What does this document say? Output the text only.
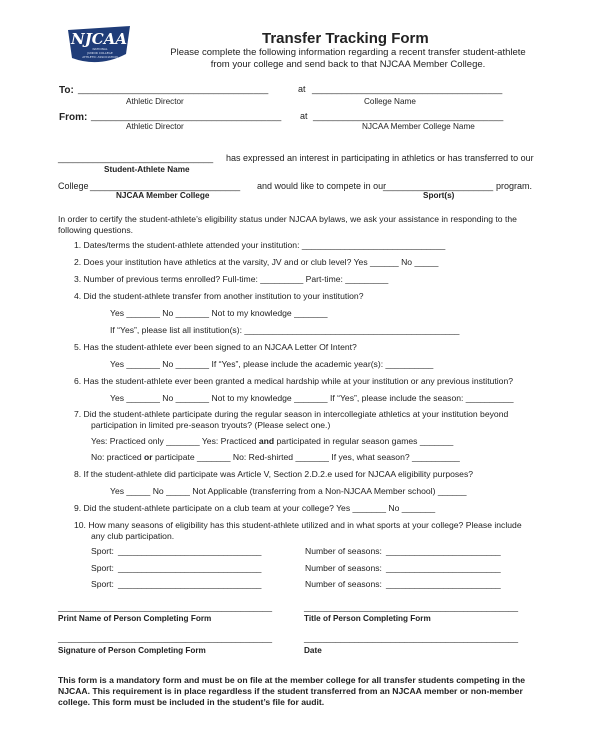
NJCAA
NATIONAL
JUNIOR COLLEGE
ATHLETIC ASSOCIATION
Transfer Tracking Form
Please complete the following information regarding a recent transfer student-athlete
from your college and send back to that NJCAA Member College.
To: ______________________________________	at ______________________________________
Athletic Director	College Name
From: ______________________________________ at ______________________________________
Athletic Director	NJCAA Member College Name
_______________________________ has expressed an interest in participating in athletics or has transferred to our
Student-Athlete Name
College ______________________________ and would like to compete in our
______________________ program.
NJCAA Member College	Sport(s)
In order to certify the student-athlete’s eligibility status under NJCAA bylaws, we ask your assistance in responding to the following questions.
1. Dates/terms the student-athlete attended your institution: ______________________________
2. Does your institution have athletics at the varsity, JV and or club level? Yes ______ No _____
3. Number of previous terms enrolled? Full-time: _________ Part-time: _________
4. Did the student-athlete transfer from another institution to your institution?
Yes _______ No _______ Not to my knowledge _______
If “Yes”, please list all institution(s): _____________________________________________
5. Has the student-athlete ever been signed to an NJCAA Letter Of Intent?
Yes _______ No _______ If “Yes”, please include the academic year(s): __________
6. Has the student-athlete ever been granted a medical hardship while at your institution or any previous institution?
Yes _______ No _______ Not to my knowledge _______ If “Yes”, please include the season: __________
7. Did the student-athlete participate during the regular season in intercollegiate athletics at your institution beyond
participation in limited pre-season tryouts? (Please select one.)
Yes: Practiced only _______ Yes: Practiced and participated in regular season games _______
No: practiced or participate _______ No: Red-shirted _______ If yes, what season? __________
8. If the student-athlete did participate was Article V, Section 2.D.2.e used for NJCAA eligibility purposes?
Yes _____ No _____ Not Applicable (transferring from a Non-NJCAA Member school) ______
9. Did the student-athlete participate on a club team at your college? Yes _______ No _______
10. How many seasons of eligibility has this student-athlete utilized and in what sports at your college? Please include
any club participation.
Sport: ______________________________	Number of seasons: ________________________
Sport: ______________________________	Number of seasons: ________________________
Sport: ______________________________	Number of seasons: ________________________
_______________________________________________	_______________________________________________
Print Name of Person Completing Form	Title of Person Completing Form
_______________________________________________	_______________________________________________
Signature of Person Completing Form	Date
This form is a mandatory form and must be on file at the member college for all transfer students competing in the
NJCAA. This requirement is in place regardless if the student transferred from an NJCAA member or non-member
college. This form must be included in the student’s file for audit.
